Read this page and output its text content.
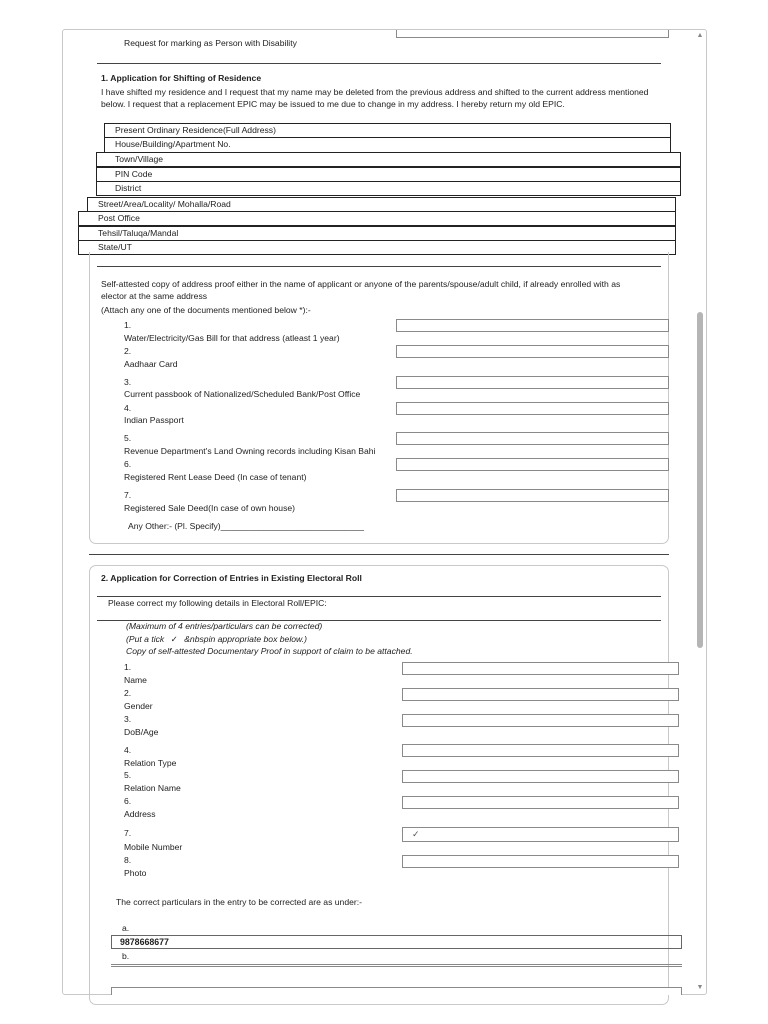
▲
▼
Request for marking as Person with Disability
1. Application for Shifting of Residence
I have shifted my residence and I request that my name may be deleted from the previous address and shifted to the current address mentioned
below. I request that a replacement EPIC may be issued to me due to change in my address. I hereby return my old EPIC.
Present Ordinary Residence(Full Address)
House/Building/Apartment No.
Town/Village
PIN Code
District
Street/Area/Locality/ Mohalla/Road
Post Office
Tehsil/Taluqa/Mandal
State/UT
Self-attested copy of address proof either in the name of applicant or anyone of the parents/spouse/adult child, if already enrolled with as
elector at the same address
(Attach any one of the documents mentioned below *):-
1.
Water/Electricity/Gas Bill for that address (atleast 1 year)
2.
Aadhaar Card
3.
Current passbook of Nationalized/Scheduled Bank/Post Office
4.
Indian Passport
5.
Revenue Department's Land Owning records including Kisan Bahi
6.
Registered Rent Lease Deed (In case of tenant)
7.
Registered Sale Deed(In case of own house)
Any Other:- (Pl. Specify)______________________________
2. Application for Correction of Entries in Existing Electoral Roll
Please correct my following details in Electoral Roll/EPIC:
(Maximum of 4 entries/particulars can be corrected)
(Put a tick ✓ &nbspin appropriate box below.)
Copy of self-attested Documentary Proof in support of claim to be attached.
1.
Name
2.
Gender
3.
DoB/Age
4.
Relation Type
5.
Relation Name
6.
Address
7.
Mobile Number
✓
8.
Photo
The correct particulars in the entry to be corrected are as under:-
a.
9878668677
b.
